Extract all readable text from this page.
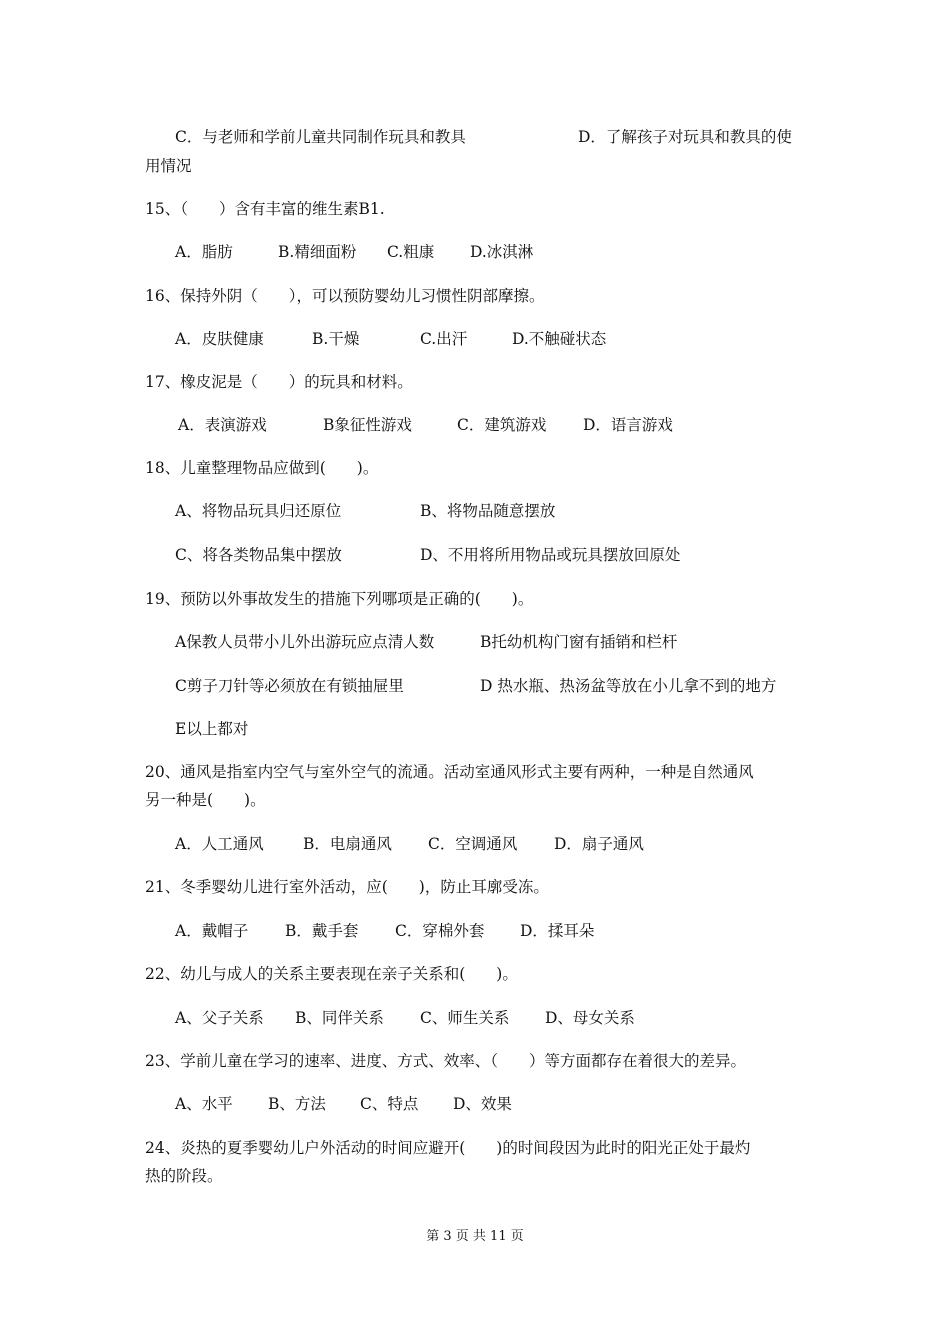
C．与老师和学前儿童共同制作玩具和教具	D．了解孩子对玩具和教具的使
用情况
15、（　　）含有丰富的维生素B1.
A．脂肪	B.精细面粉 C.粗康 D.冰淇淋
16、保持外阴（　　），可以预防婴幼儿习惯性阴部摩擦。
A．皮肤健康	B.干燥	C.出汗	D.不触碰状态
17、橡皮泥是（　　）的玩具和材料。
A．表演游戏	B象征性游戏	C．建筑游戏 D．语言游戏
18、儿童整理物品应做到(　　)。
A、将物品玩具归还原位	B、将物品随意摆放
C、将各类物品集中摆放	D、不用将所用物品或玩具摆放回原处
19、预防以外事故发生的措施下列哪项是正确的(　　)。
A保教人员带小儿外出游玩应点清人数	B托幼机构门窗有插销和栏杆
C剪子刀针等必须放在有锁抽屉里	D 热水瓶、热汤盆等放在小儿拿不到的地方
E以上都对
20、通风是指室内空气与室外空气的流通。活动室通风形式主要有两种，一种是自然通风
另一种是(　　)。
A．人工通风	B．电扇通风 C．空调通风 D．扇子通风
21、冬季婴幼儿进行室外活动，应(　　)，防止耳廓受冻。
A．戴帽子 B．戴手套 C．穿棉外套 D．揉耳朵
22、幼儿与成人的关系主要表现在亲子关系和(　　)。
A、父子关系 B、同伴关系 C、师生关系 D、母女关系
23、学前儿童在学习的速率、进度、方式、效率、（　　）等方面都存在着很大的差异。
A、水平 B、方法 C、特点 D、效果
24、炎热的夏季婴幼儿户外活动的时间应避开(　　)的时间段因为此时的阳光正处于最灼
热的阶段。
第 3 页 共 11 页
